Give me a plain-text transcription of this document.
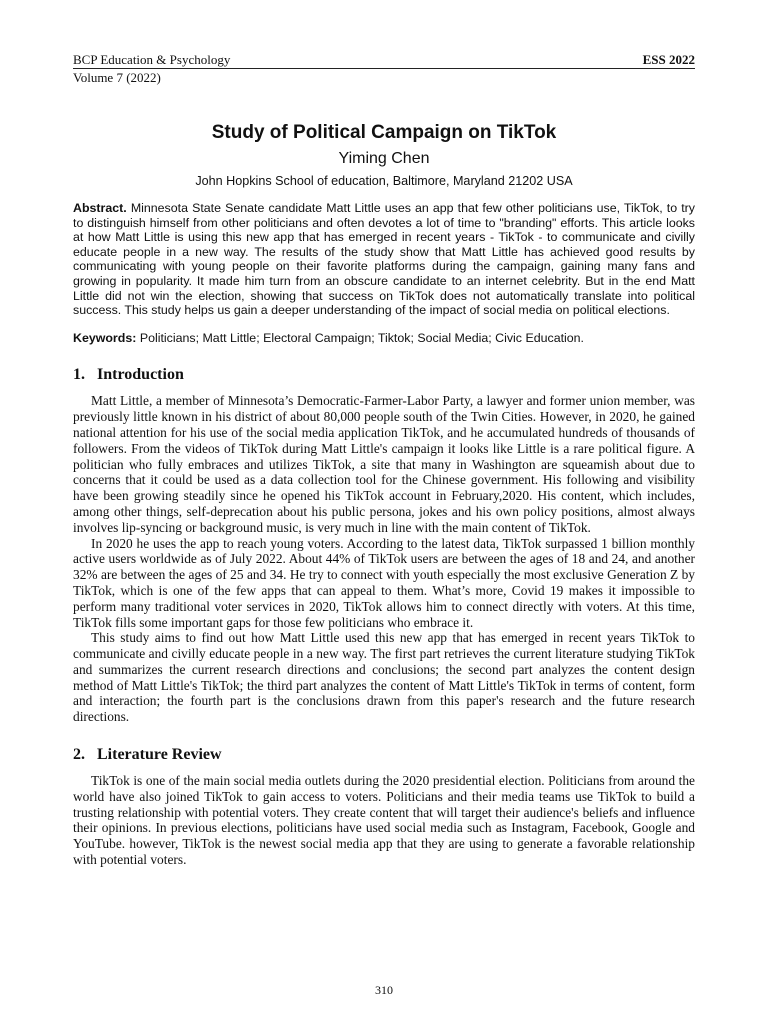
BCP Education & Psychology	ESS 2022
Volume 7 (2022)
Study of Political Campaign on TikTok
Yiming Chen
John Hopkins School of education, Baltimore, Maryland 21202 USA

Abstract. Minnesota State Senate candidate Matt Little uses an app that few other politicians use, TikTok, to try to distinguish himself from other politicians and often devotes a lot of time to "branding" efforts. This article looks at how Matt Little is using this new app that has emerged in recent years - TikTok - to communicate and civilly educate people in a new way. The results of the study show that Matt Little has achieved good results by communicating with young people on their favorite platforms during the campaign, gaining many fans and growing in popularity. It made him turn from an obscure candidate to an internet celebrity. But in the end Matt Little did not win the election, showing that success on TikTok does not automatically translate into political success. This study helps us gain a deeper understanding of the impact of social media on political elections.

Keywords: Politicians; Matt Little; Electoral Campaign; Tiktok; Social Media; Civic Education.

1. Introduction

Matt Little, a member of Minnesota’s Democratic-Farmer-Labor Party, a lawyer and former union member, was previously little known in his district of about 80,000 people south of the Twin Cities. However, in 2020, he gained national attention for his use of the social media application TikTok, and he accumulated hundreds of thousands of followers. From the videos of TikTok during Matt Little's campaign it looks like Little is a rare political figure. A politician who fully embraces and utilizes TikTok, a site that many in Washington are squeamish about due to concerns that it could be used as a data collection tool for the Chinese government. His following and visibility have been growing steadily since he opened his TikTok account in February,2020. His content, which includes, among other things, self-deprecation about his public persona, jokes and his own policy positions, almost always involves lip-syncing or background music, is very much in line with the main content of TikTok.

In 2020 he uses the app to reach young voters. According to the latest data, TikTok surpassed 1 billion monthly active users worldwide as of July 2022. About 44% of TikTok users are between the ages of 18 and 24, and another 32% are between the ages of 25 and 34. He try to connect with youth especially the most exclusive Generation Z by TikTok, which is one of the few apps that can appeal to them. What’s more, Covid 19 makes it impossible to perform many traditional voter services in 2020, TikTok allows him to connect directly with voters. At this time, TikTok fills some important gaps for those few politicians who embrace it.

This study aims to find out how Matt Little used this new app that has emerged in recent years TikTok to communicate and civilly educate people in a new way. The first part retrieves the current literature studying TikTok and summarizes the current research directions and conclusions; the second part analyzes the content design method of Matt Little's TikTok; the third part analyzes the content of Matt Little's TikTok in terms of content, form and interaction; the fourth part is the conclusions drawn from this paper's research and the future research directions.

2. Literature Review

TikTok is one of the main social media outlets during the 2020 presidential election. Politicians from around the world have also joined TikTok to gain access to voters. Politicians and their media teams use TikTok to build a trusting relationship with potential voters. They create content that will target their audience's beliefs and influence their opinions. In previous elections, politicians have used social media such as Instagram, Facebook, Google and YouTube. however, TikTok is the newest social media app that they are using to generate a favorable relationship with potential voters.

310
